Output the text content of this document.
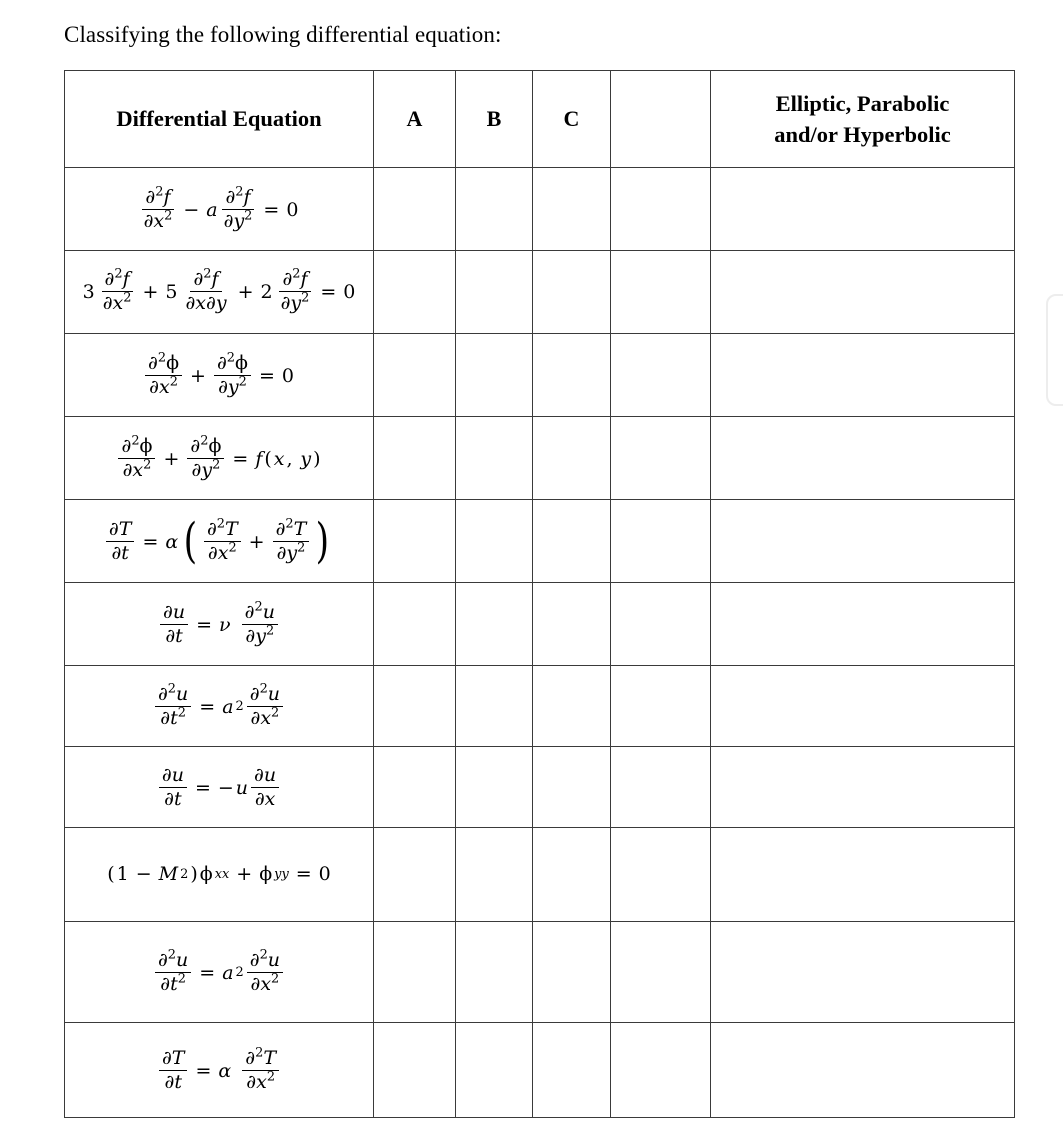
Classifying the following differential equation:
Differential Equation	A	B	C		Elliptic, Parabolic
and/or Hyperbolic

$\frac{\partial^2f}{\partial x^2} - a \frac{\partial^2f}{\partial y^2} = 0$

$3 \frac{\partial^2f}{\partial x^2} + 5 \frac{\partial^2f}{\partial x\partial y} + 2 \frac{\partial^2f}{\partial y^2} = 0$

$\frac{\partial^2\phi}{\partial x^2} + \frac{\partial^2\phi}{\partial y^2} = 0$

$\frac{\partial^2\phi}{\partial x^2} + \frac{\partial^2\phi}{\partial y^2} = f$ ( x ,
  y )

$\frac{\partial T}{\partial t} = \alpha$ ( $\frac{\partial^2T}{\partial x^2} + \frac{\partial^2T}{\partial y^2}$ )

$\frac{\partial u}{\partial t} = \nu$
$\frac{\partial^2u}{\partial y^2}$

$\frac{\partial^2u}{\partial t^2} = a$ $2 \frac{\partial^2u}{\partial x^2}$

$\frac{\partial u}{\partial t}$ = − u $\frac{\partial u}{\partial x}$

( 1 − M 2 ) ϕ xx + ϕ yy = 0

$\frac{\partial^2u}{\partial t^2} = a$ $2 \frac{\partial^2u}{\partial x^2}$

$\frac{\partial T}{\partial t} = \alpha$
$\frac{\partial^2T}{\partial x^2}$
